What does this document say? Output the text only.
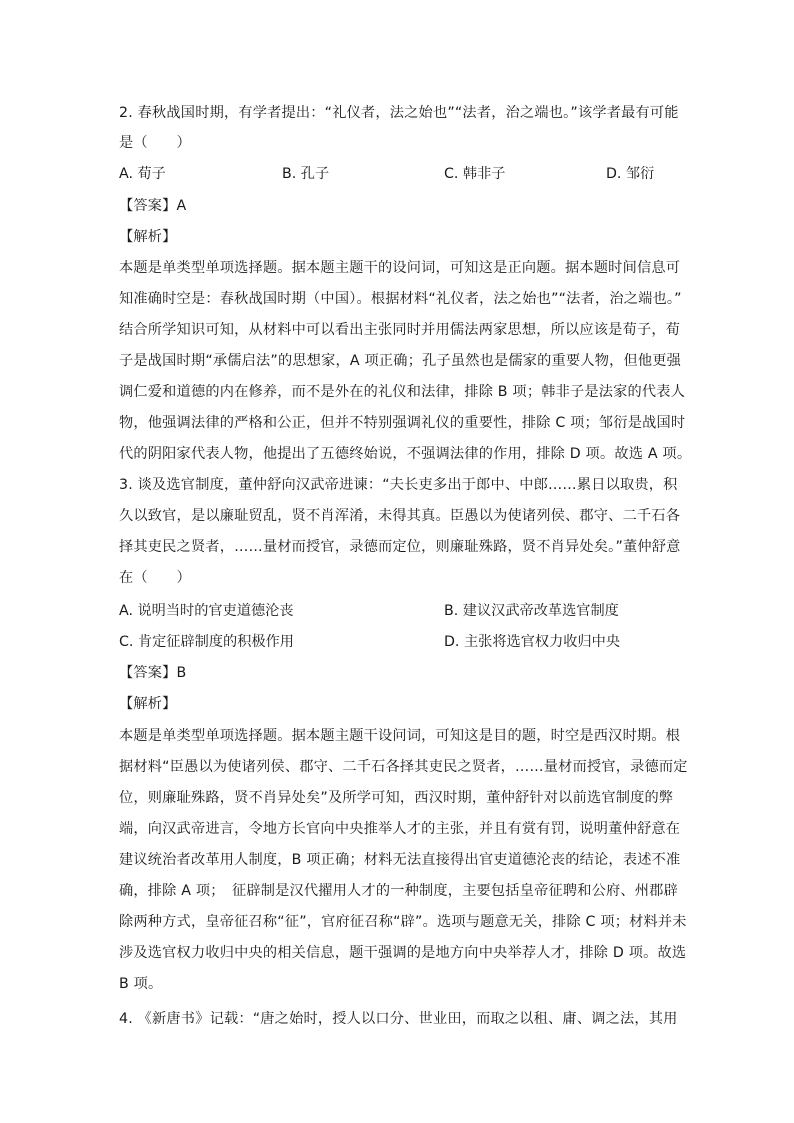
2. 春秋战国时期，有学者提出：“礼仪者，法之始也”“法者，治之端也。”该学者最有可能
是（　　）
A. 荀子	B. 孔子	C. 韩非子	D. 邹衍
【答案】A
【解析】
本题是单类型单项选择题。据本题主题干的设问词，可知这是正向题。据本题时间信息可
知准确时空是：春秋战国时期（中国）。根据材料“礼仪者，法之始也”“法者，治之端也。”
结合所学知识可知，从材料中可以看出主张同时并用儒法两家思想，所以应该是荀子，荀
子是战国时期“承儒启法”的思想家，A 项正确；孔子虽然也是儒家的重要人物，但他更强
调仁爱和道德的内在修养，而不是外在的礼仪和法律，排除 B 项；韩非子是法家的代表人
物，他强调法律的严格和公正，但并不特别强调礼仪的重要性，排除 C 项；邹衍是战国时
代的阴阳家代表人物，他提出了五德终始说，不强调法律的作用，排除 D 项。故选 A 项。
3. 谈及选官制度，董仲舒向汉武帝进谏：“夫长吏多出于郎中、中郎……累日以取贵，积
久以致官，是以廉耻贸乱，贤不肖浑淆，未得其真。臣愚以为使诸列侯、郡守、二千石各
择其吏民之贤者，……量材而授官，录德而定位，则廉耻殊路，贤不肖异处矣。”董仲舒意
在（　　）
A. 说明当时的官吏道德沦丧	B. 建议汉武帝改革选官制度
C. 肯定征辟制度的积极作用	D. 主张将选官权力收归中央
【答案】B
【解析】
本题是单类型单项选择题。据本题主题干设问词，可知这是目的题，时空是西汉时期。根
据材料“臣愚以为使诸列侯、郡守、二千石各择其吏民之贤者，……量材而授官，录德而定
位，则廉耻殊路，贤不肖异处矣”及所学可知，西汉时期，董仲舒针对以前选官制度的弊
端，向汉武帝进言，令地方长官向中央推举人才的主张，并且有赏有罚，说明董仲舒意在
建议统治者改革用人制度，B 项正确；材料无法直接得出官吏道德沦丧的结论，表述不准
确，排除 A 项；　征辟制是汉代擢用人才的一种制度，主要包括皇帝征聘和公府、州郡辟
除两种方式，皇帝征召称“征”，官府征召称“辟”。选项与题意无关，排除 C 项；材料并未
涉及选官权力收归中央的相关信息，题干强调的是地方向中央举荐人才，排除 D 项。故选
B 项。
4. 《新唐书》记载：“唐之始时，授人以口分、世业田，而取之以租、庸、调之法，其用
